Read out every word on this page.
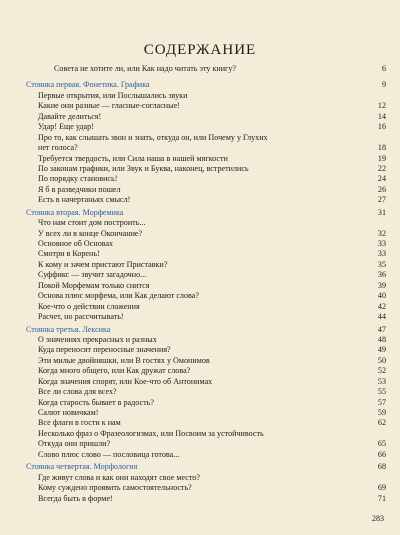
СОДЕРЖАНИЕ
Совета не хотите ли, или Как надо читать эту книгу?	6
Стоянка первая. Фонетика. Графика	9
Первые открытия, или Послышались звуки
Какие они разные — гласные-согласные!	12
Давайте делиться!	14
Удар! Еще удар!	16
Про то, как слышать звон и знать, откуда он, или Почему у Глухих
нет голоса?	18
Требуется твердость, или Сила наша в нашей мягкости	19
По законам графики, или Звук и Буква, наконец, встретились	22
По порядку становись!	24
Я б в разведчики пошел	26
Есть в начертаньях смысл!	27
Стоянка вторая. Морфемика	31
Что нам стоит дом построить...
У всех ли в конце Окончание?	32
Основное об Основах	33
Смотри в Корень!	33
К кому и зачем пристают Приставки?	35
Суффикс — звучит загадочно...	36
Покой Морфемам только снится	39
Основа плюс морфема, или Как делают слова?	40
Кое-что о действии сложения	42
Расчет, но рассчитывать!	44
Стоянка третья. Лексика	47
О значениях прекрасных и разных	48
Куда переносят переносные значения?	49
Эти милые двойняшки, или В гостях у Омонимов	50
Когда много общего, или Как дружат слова?	52
Когда значения спорят, или Кое-что об Антонимах	53
Все ли слова для всех?	55
Когда старость бывает в радость?	57
Салют новичкам!	59
Все флаги в гости к нам	62
Несколько фраз о Фразеологизмах, или Посвоим за устойчивость
Откуда они пришли?	65
Слово плюс слово — пословица готова...	66
Стоянка четвертая. Морфология	68
Где живут слова и как они находят свое место?
Кому суждено проявить самостоятельность?	69
Всегда быть в форме!	71
283
